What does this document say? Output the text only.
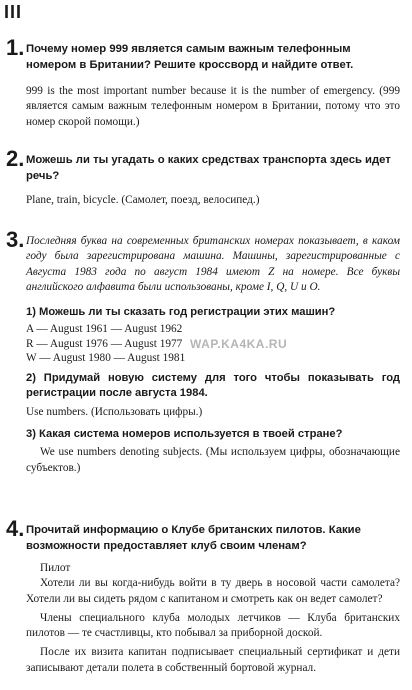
III
1. Почему номер 999 является самым важным телефонным номером в Британии? Решите кроссворд и найдите ответ.
999 is the most important number because it is the number of emergency. (999 является самым важным телефонным номером в Британии, потому что это номер скорой помощи.)
2. Можешь ли ты угадать о каких средствах транспорта здесь идет речь?
Plane, train, bicycle. (Самолет, поезд, велосипед.)
3. Последняя буква на современных британских номерах показывает, в каком году была зарегистрирована машина. Машины, зарегистрированные с Августа 1983 года по август 1984 имеют Z на номере. Все буквы английского алфавита были использованы, кроме I, Q, U и O.
1) Можешь ли ты сказать год регистрации этих машин?
A — August 1961 — August 1962
R — August 1976 — August 1977
W — August 1980 — August 1981
2) Придумай новую систему для того чтобы показывать год регистрации после августа 1984.
Use numbers. (Использовать цифры.)
3) Какая система номеров используется в твоей стране?
We use numbers denoting subjects. (Мы используем цифры, обозначающие субъектов.)
4. Прочитай информацию о Клубе британских пилотов. Какие возможности предоставляет клуб своим членам?
Пилот
Хотели ли вы когда-нибудь войти в ту дверь в носовой части самолета? Хотели ли вы сидеть рядом с капитаном и смотреть как он ведет самолет?
Члены специального клуба молодых летчиков — Клуба британских пилотов — те счастливцы, кто побывал за приборной доской.
После их визита капитан подписывает специальный сертификат и дети записывают детали полета в собственный бортовой журнал.
WAP.KA4KA.RU
